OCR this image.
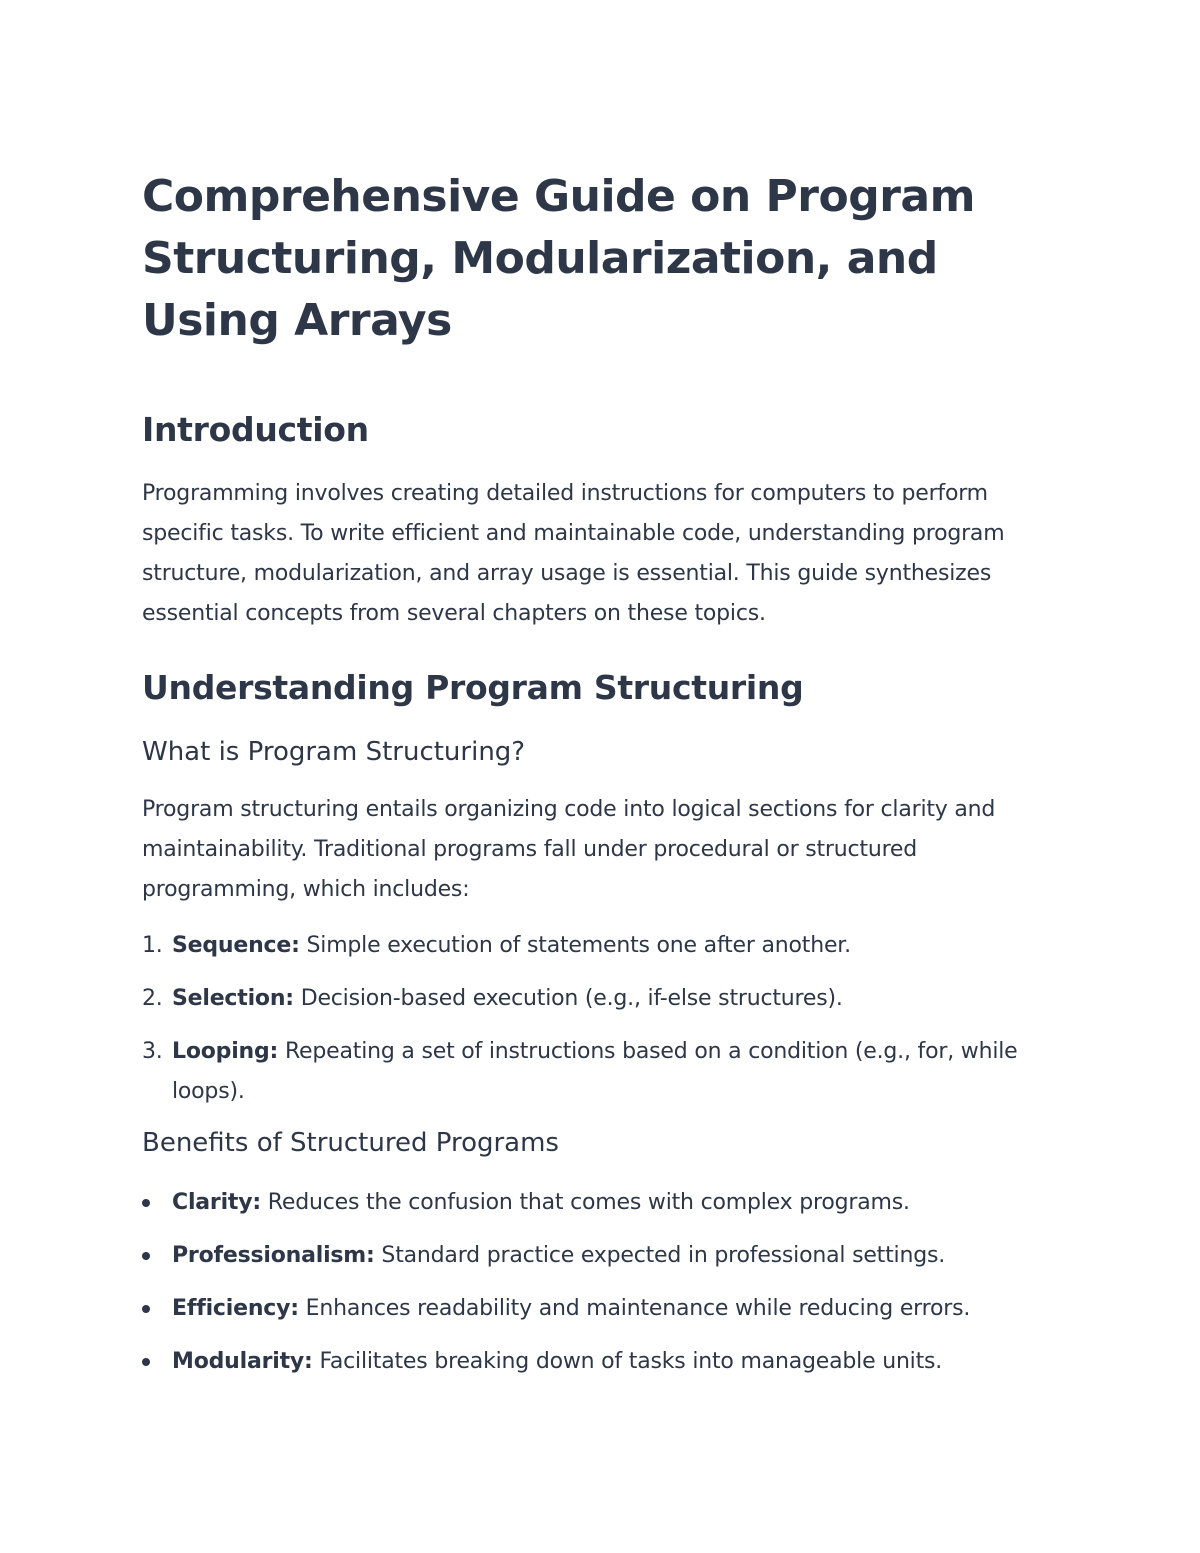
Comprehensive Guide on Program Structuring, Modularization, and Using Arrays
Introduction

Programming involves creating detailed instructions for computers to perform specific tasks. To write efficient and maintainable code, understanding program structure, modularization, and array usage is essential. This guide synthesizes essential concepts from several chapters on these topics.

Understanding Program Structuring
What is Program Structuring?

Program structuring entails organizing code into logical sections for clarity and maintainability. Traditional programs fall under procedural or structured programming, which includes:

1. Sequence: Simple execution of statements one after another.
2. Selection: Decision-based execution (e.g., if-else structures).
3. Looping: Repeating a set of instructions based on a condition (e.g., for, while loops).
Benefits of Structured Programs
Clarity: Reduces the confusion that comes with complex programs.
Professionalism: Standard practice expected in professional settings.
Efficiency: Enhances readability and maintenance while reducing errors.
Modularity: Facilitates breaking down of tasks into manageable units.
